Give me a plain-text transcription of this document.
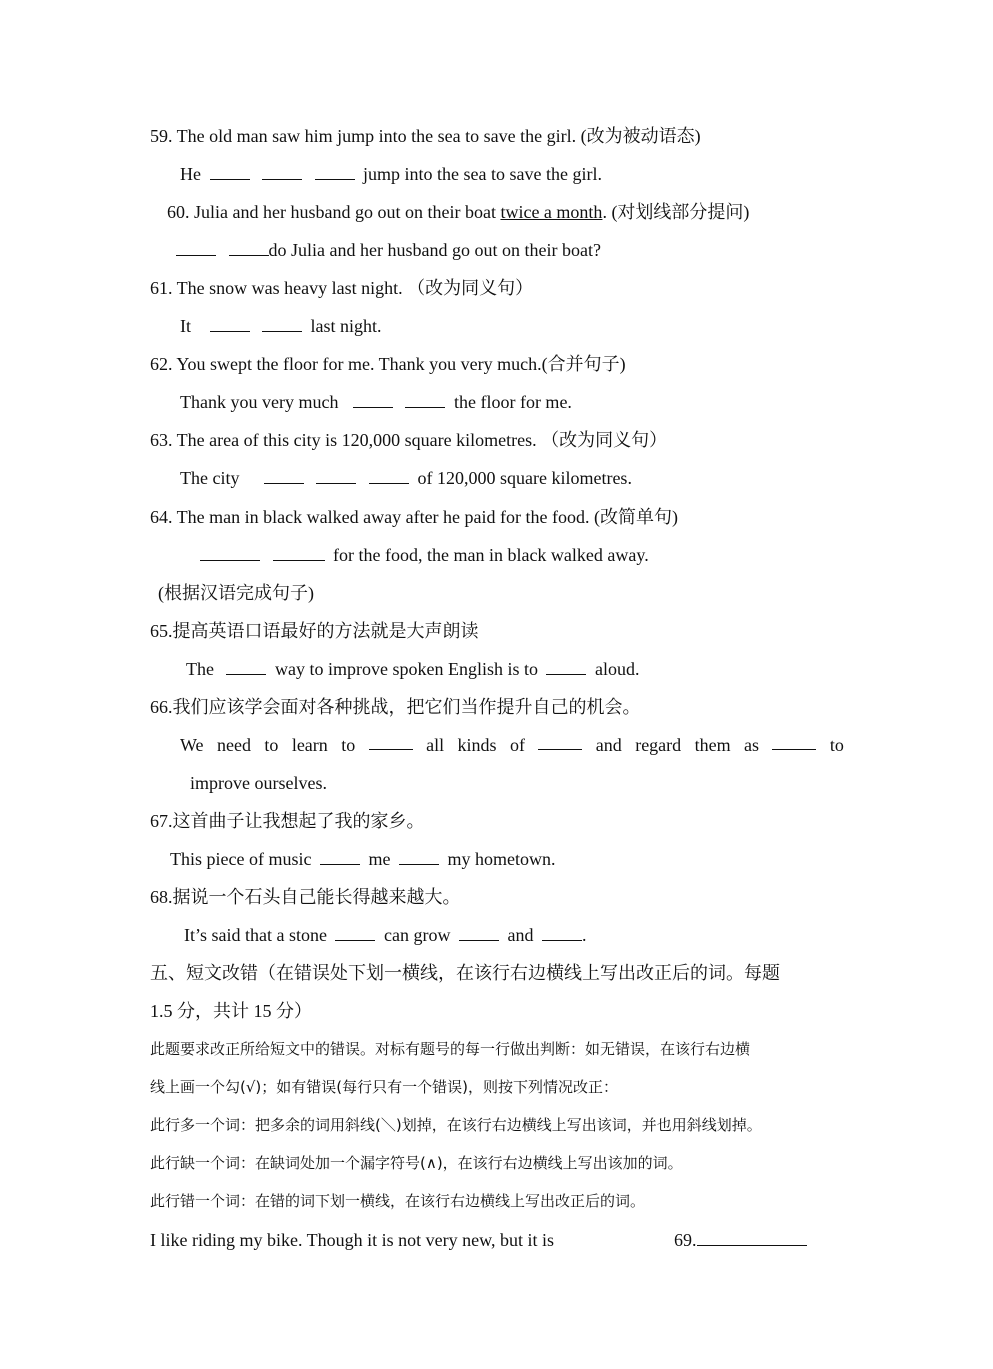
59. The old man saw him jump into the sea to save the girl. (改为被动语态)
He	jump into the sea to save the girl.
60. Julia and her husband go out on their boat twice a month. (对划线部分提问)
do Julia and her husband go out on their boat?
61. The snow was heavy last night. （改为同义句）
It	last night.
62. You swept the floor for me. Thank you very much.(合并句子)
Thank you very much	the floor for me.
63. The area of this city is 120,000 square kilometres. （改为同义句）
The city	of 120,000 square kilometres.
64. The man in black walked away after he paid for the food. (改简单句)
for the food, the man in black walked away.
(根据汉语完成句子)
65.提高英语口语最好的方法就是大声朗读
The	way to improve spoken English is to	aloud.
66.我们应该学会面对各种挑战，把它们当作提升自己的机会。
We need to learn to	all kinds of	and regard them as	to
improve ourselves.
67.这首曲子让我想起了我的家乡。
This piece of music	me	my hometown.
68.据说一个石头自己能长得越来越大。
It’s said that a stone	can grow	and	.
五、短文改错（在错误处下划一横线，在该行右边横线上写出改正后的词。每题
1.5 分，共计 15 分）
此题要求改正所给短文中的错误。对标有题号的每一行做出判断：如无错误，在该行右边横
线上画一个勾(√)；如有错误(每行只有一个错误)，则按下列情况改正：
此行多一个词：把多余的词用斜线(＼)划掉，在该行右边横线上写出该词，并也用斜线划掉。
此行缺一个词：在缺词处加一个漏字符号(∧)，在该行右边横线上写出该加的词。
此行错一个词：在错的词下划一横线，在该行右边横线上写出改正后的词。
I like riding my bike. Though it is not very new, but it is	69.
